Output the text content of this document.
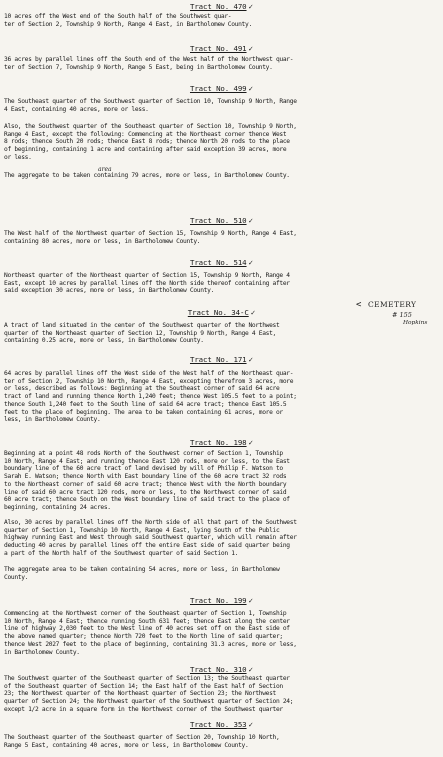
Tract No. 470 ✓
Tract No. 491 ✓
Tract No. 499 ✓
Tract No. 510 ✓
Tract No. 514 ✓
Tract No. 34-C ✓
Tract No. 171 ✓
Tract No. 198 ✓
Tract No. 199 ✓
Tract No. 310 ✓
Tract No. 353 ✓
10 acres off the West end of the South half of the Southwest quar-
ter of Section 2, Township 9 North, Range 4 East, in Bartholomew County.
36 acres by parallel lines off the South end of the West half of the Northwest quar-
ter of Section 7, Township 9 North, Range 5 East, being in Bartholomew County.
The Southeast quarter of the Southwest quarter of Section 10, Township 9 North, Range
4 East, containing 40 acres, more or less.
Also, the Southwest quarter of the Southeast quarter of Section 10, Township 9 North,
Range 4 East, except the following: Commencing at the Northeast corner thence West
8 rods; thence South 20 rods; thence East 8 rods; thence North 20 rods to the place
of beginning, containing 1 acre and containing after said exception 39 acres, more
or less.
area
The aggregate to be taken containing 79 acres, more or less, in Bartholomew County.
The West half of the Northwest quarter of Section 15, Township 9 North, Range 4 East,
containing 80 acres, more or less, in Bartholomew County.
Northeast quarter of the Northeast quarter of Section 15, Township 9 North, Range 4
East, except 10 acres by parallel lines off the North side thereof containing after
said exception 30 acres, more or less, in Bartholomew County.
< CEMETERY
# 155
Hopkins
A tract of land situated in the center of the Southwest quarter of the Northwest
quarter of the Northeast quarter of Section 12, Township 9 North, Range 4 East,
containing 0.25 acre, more or less, in Bartholomew County.
64 acres by parallel lines off the West side of the West half of the Northeast quar-
ter of Section 2, Township 10 North, Range 4 East, excepting therefrom 3 acres, more
or less, described as follows: Beginning at the Southeast corner of said 64 acre
tract of land and running thence North 1,240 feet; thence West 105.5 feet to a point;
thence South 1,240 feet to the South line of said 64 acre tract; thence East 105.5
feet to the place of beginning. The area to be taken containing 61 acres, more or
less, in Bartholomew County.
Beginning at a point 48 rods North of the Southwest corner of Section 1, Township
10 North, Range 4 East; and running thence East 120 rods, more or less, to the East
boundary line of the 60 acre tract of land devised by will of Philip F. Watson to
Sarah E. Watson; thence North with East boundary line of the 60 acre tract 32 rods
to the Northeast corner of said 60 acre tract; thence West with the North boundary
line of said 60 acre tract 120 rods, more or less, to the Northwest corner of said
60 acre tract; thence South on the West boundary line of said tract to the place of
beginning, containing 24 acres.
Also, 30 acres by parallel lines off the North side of all that part of the Southwest
quarter of Section 1, Township 10 North, Range 4 East, lying South of the Public
highway running East and West through said Southwest quarter, which will remain after
deducting 40 acres by parallel lines off the entire East side of said quarter being
a part of the North half of the Southwest quarter of said Section 1.
The aggregate area to be taken containing 54 acres, more or less, in Bartholomew
County.
Commencing at the Northwest corner of the Southeast quarter of Section 1, Township
10 North, Range 4 East; thence running South 631 feet; thence East along the center
line of highway 2,030 feet to the West line of 40 acres set off on the East side of
the above named quarter; thence North 720 feet to the North line of said quarter;
thence West 2027 feet to the place of beginning, containing 31.3 acres, more or less,
in Bartholomew County.
The Southwest quarter of the Southeast quarter of Section 13; the Southeast quarter
of the Southeast quarter of Section 14; the East half of the East half of Section
23; the Northwest quarter of the Northeast quarter of Section 23; the Northwest
quarter of Section 24; the Northwest quarter of the Southwest quarter of Section 24;
except 1/2 acre in a square form in the Northwest corner of the Southwest quarter
The Southeast quarter of the Southeast quarter of Section 20, Township 10 North,
Range 5 East, containing 40 acres, more or less, in Bartholomew County.
